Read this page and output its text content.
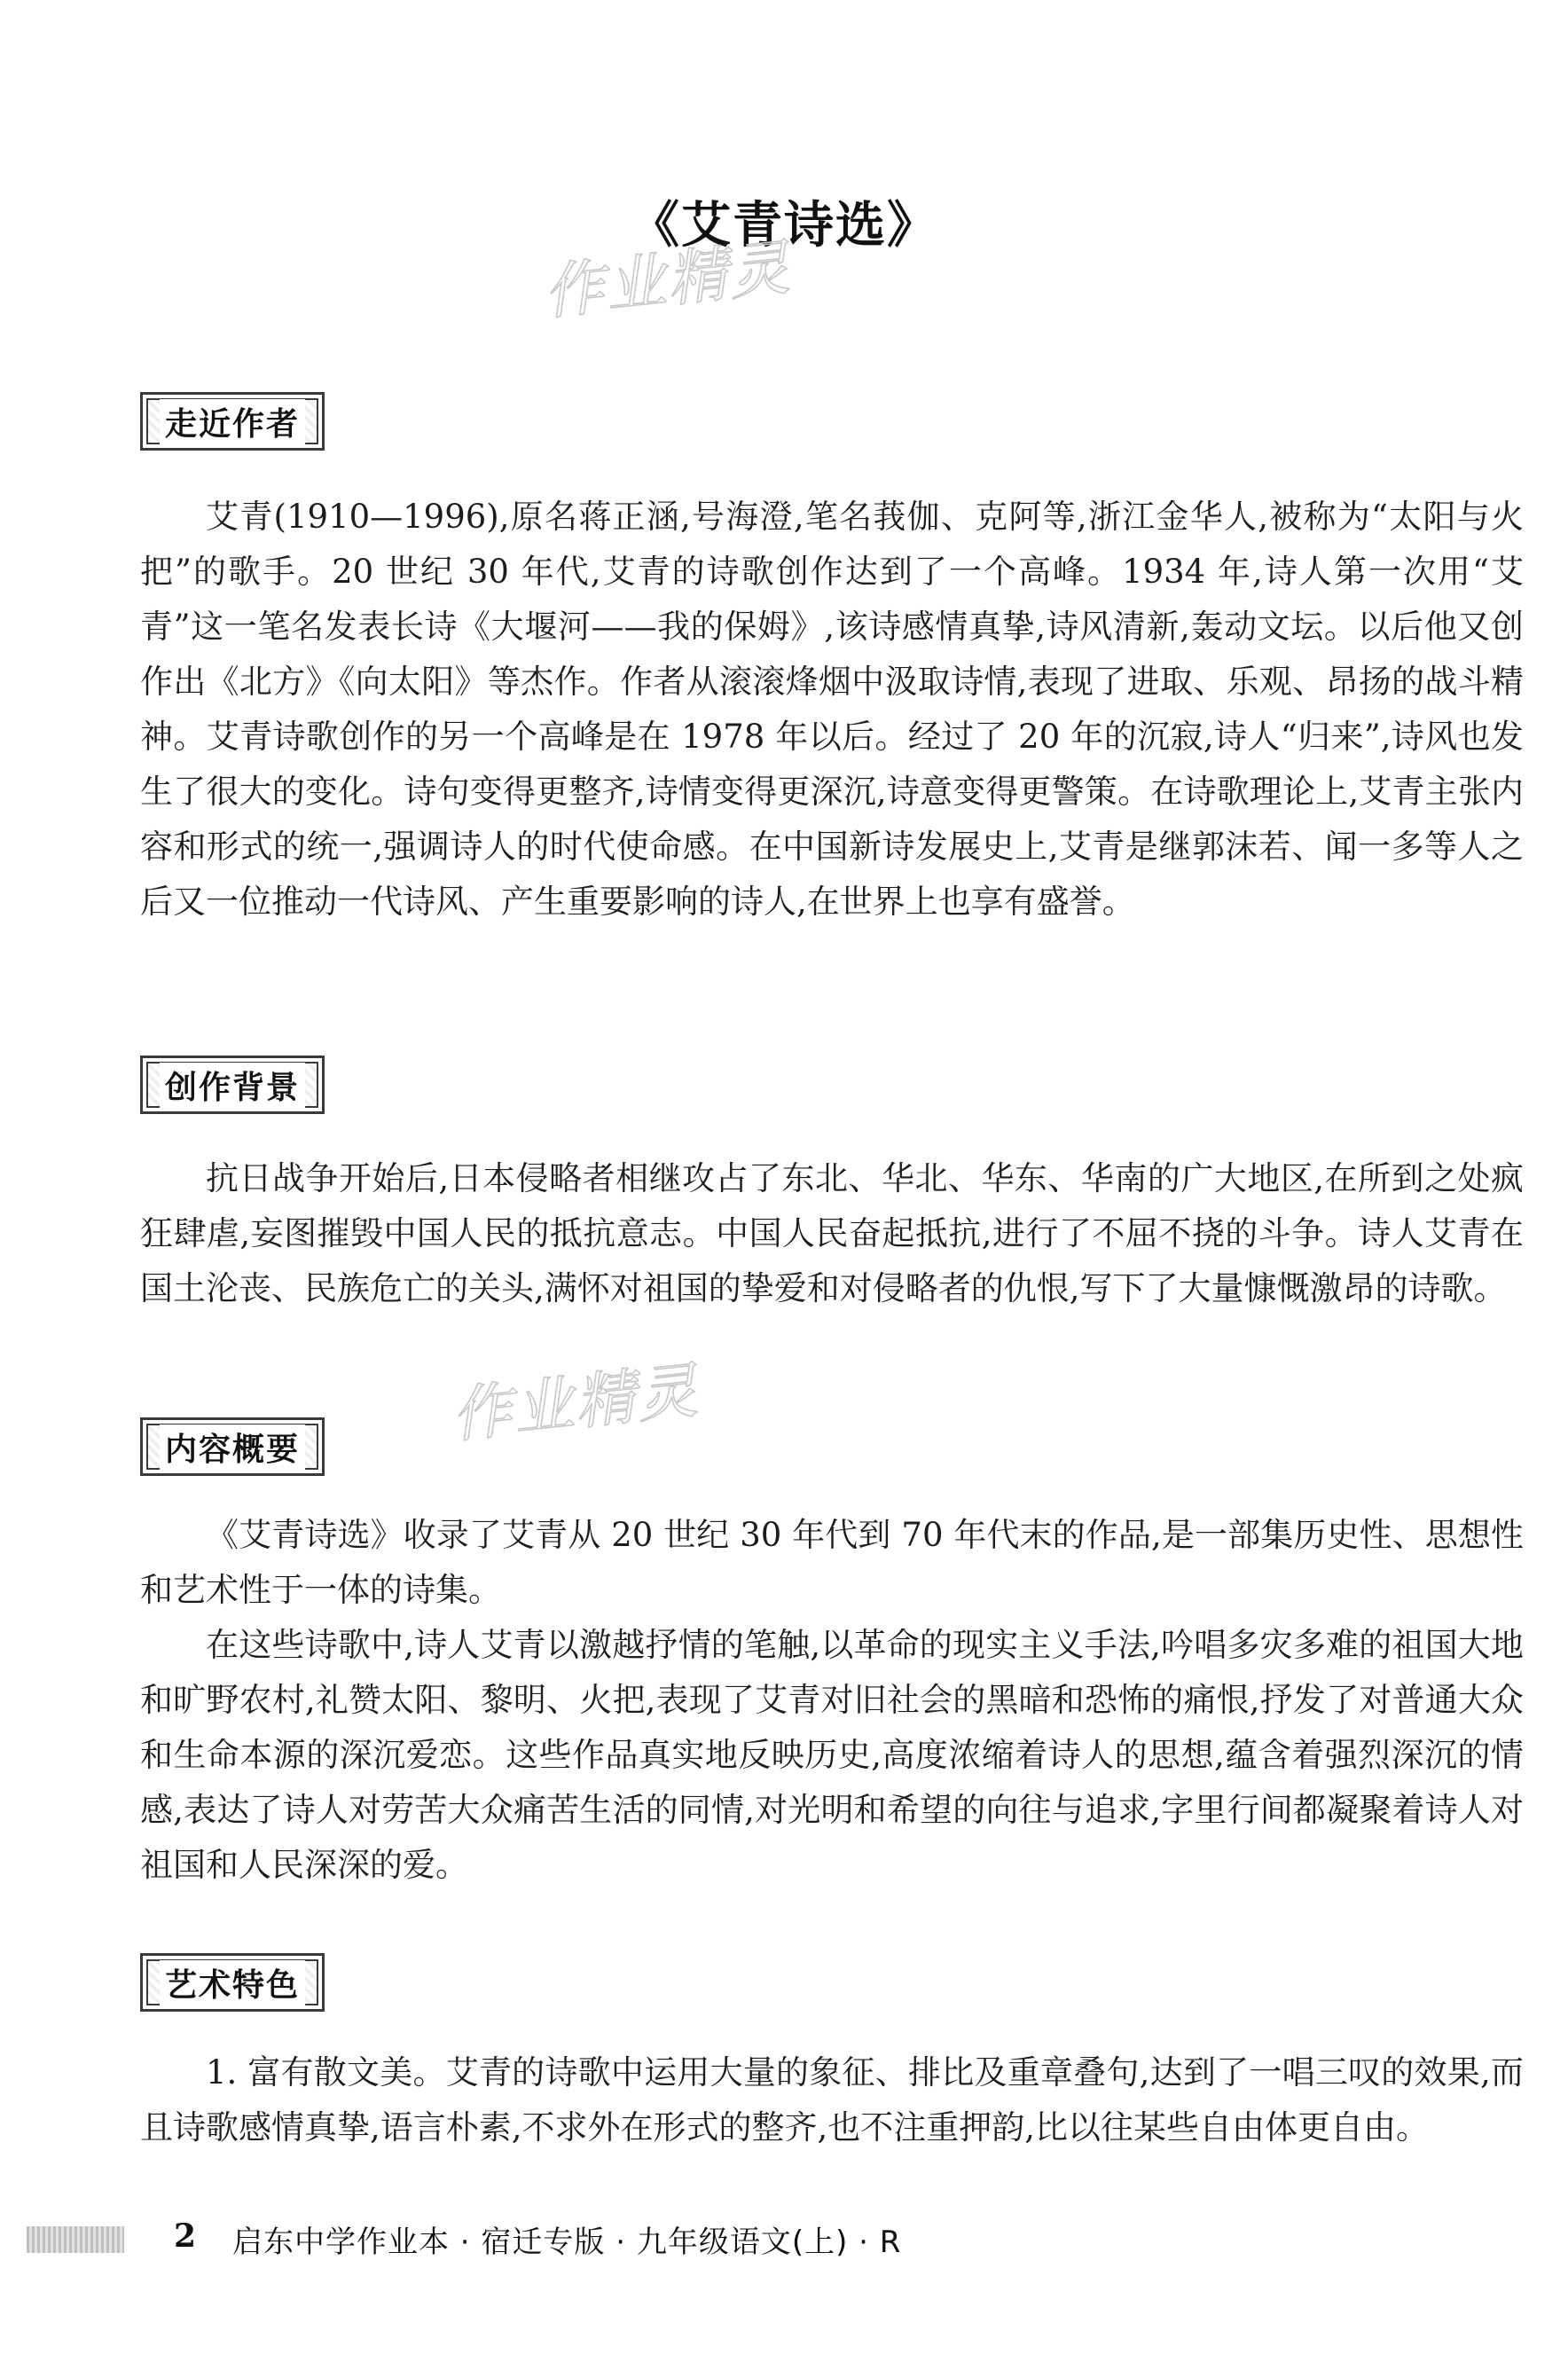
《艾青诗选》
作业精灵
作业精灵
走近作者

艾青(1910—1996),原名蒋正涵,号海澄,笔名莪伽、克阿等,浙江金华人,被称为“太阳与火把”的歌手。20 世纪 30 年代,艾青的诗歌创作达到了一个高峰。1934 年,诗人第一次用“艾青”这一笔名发表长诗《大堰河——我的保姆》,该诗感情真挚,诗风清新,轰动文坛。以后他又创作出《北方》《向太阳》等杰作。作者从滚滚烽烟中汲取诗情,表现了进取、乐观、昂扬的战斗精神。艾青诗歌创作的另一个高峰是在 1978 年以后。经过了 20 年的沉寂,诗人“归来”,诗风也发生了很大的变化。诗句变得更整齐,诗情变得更深沉,诗意变得更警策。在诗歌理论上,艾青主张内容和形式的统一,强调诗人的时代使命感。在中国新诗发展史上,艾青是继郭沫若、闻一多等人之后又一位推动一代诗风、产生重要影响的诗人,在世界上也享有盛誉。

创作背景

抗日战争开始后,日本侵略者相继攻占了东北、华北、华东、华南的广大地区,在所到之处疯狂肆虐,妄图摧毁中国人民的抵抗意志。中国人民奋起抵抗,进行了不屈不挠的斗争。诗人艾青在国土沦丧、民族危亡的关头,满怀对祖国的挚爱和对侵略者的仇恨,写下了大量慷慨激昂的诗歌。

内容概要

《艾青诗选》收录了艾青从 20 世纪 30 年代到 70 年代末的作品,是一部集历史性、思想性和艺术性于一体的诗集。

在这些诗歌中,诗人艾青以激越抒情的笔触,以革命的现实主义手法,吟唱多灾多难的祖国大地和旷野农村,礼赞太阳、黎明、火把,表现了艾青对旧社会的黑暗和恐怖的痛恨,抒发了对普通大众和生命本源的深沉爱恋。这些作品真实地反映历史,高度浓缩着诗人的思想,蕴含着强烈深沉的情感,表达了诗人对劳苦大众痛苦生活的同情,对光明和希望的向往与追求,字里行间都凝聚着诗人对祖国和人民深深的爱。

艺术特色

1. 富有散文美。艾青的诗歌中运用大量的象征、排比及重章叠句,达到了一唱三叹的效果,而且诗歌感情真挚,语言朴素,不求外在形式的整齐,也不注重押韵,比以往某些自由体更自由。

2 启东中学作业本 · 宿迁专版 · 九年级语文(上) · R
